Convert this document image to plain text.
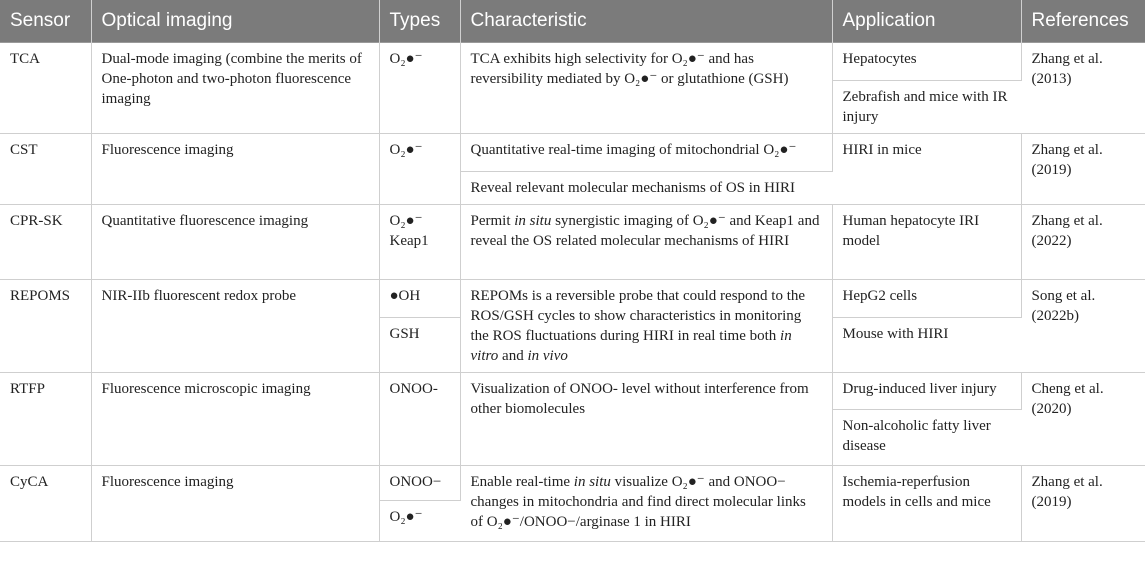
Sensor	Optical imaging	Types	Characteristic	Application	References
TCA	Dual-mode imaging (combine the merits of One-photon and two-photon fluorescence imaging	O₂●⁻	TCA exhibits high selectivity for O₂●⁻ and has reversibility mediated by O₂●⁻ or glutathione (GSH)	Hepatocytes	Zhang et al. (2013)
				Zebrafish and mice with IR injury	
CST	Fluorescence imaging	O₂●⁻	Quantitative real-time imaging of mitochondrial O₂●⁻	HIRI in mice	Zhang et al. (2019)
			Reveal relevant molecular mechanisms of OS in HIRI		
CPR-SK	Quantitative fluorescence imaging	O₂●⁻ Keap1	Permit in situ synergistic imaging of O₂●⁻ and Keap1 and reveal the OS related molecular mechanisms of HIRI	Human hepatocyte IRI model	Zhang et al. (2022)
REPOMS	NIR-IIb fluorescent redox probe	●OH	REPOMs is a reversible probe that could respond to the ROS/GSH cycles to show characteristics in monitoring the ROS fluctuations during HIRI in real time both in vitro and in vivo	HepG2 cells	Song et al. (2022b)
		GSH		Mouse with HIRI	
RTFP	Fluorescence microscopic imaging	ONOO-	Visualization of ONOO- level without interference from other biomolecules	Drug-induced liver injury	Cheng et al. (2020)
				Non-alcoholic fatty liver disease	
CyCA	Fluorescence imaging	ONOO−	Enable real-time in situ visualize O₂●⁻ and ONOO− changes in mitochondria and find direct molecular links of O₂●⁻/ONOO−/arginase 1 in HIRI	Ischemia-reperfusion models in cells and mice	Zhang et al. (2019)
		O₂●⁻			
